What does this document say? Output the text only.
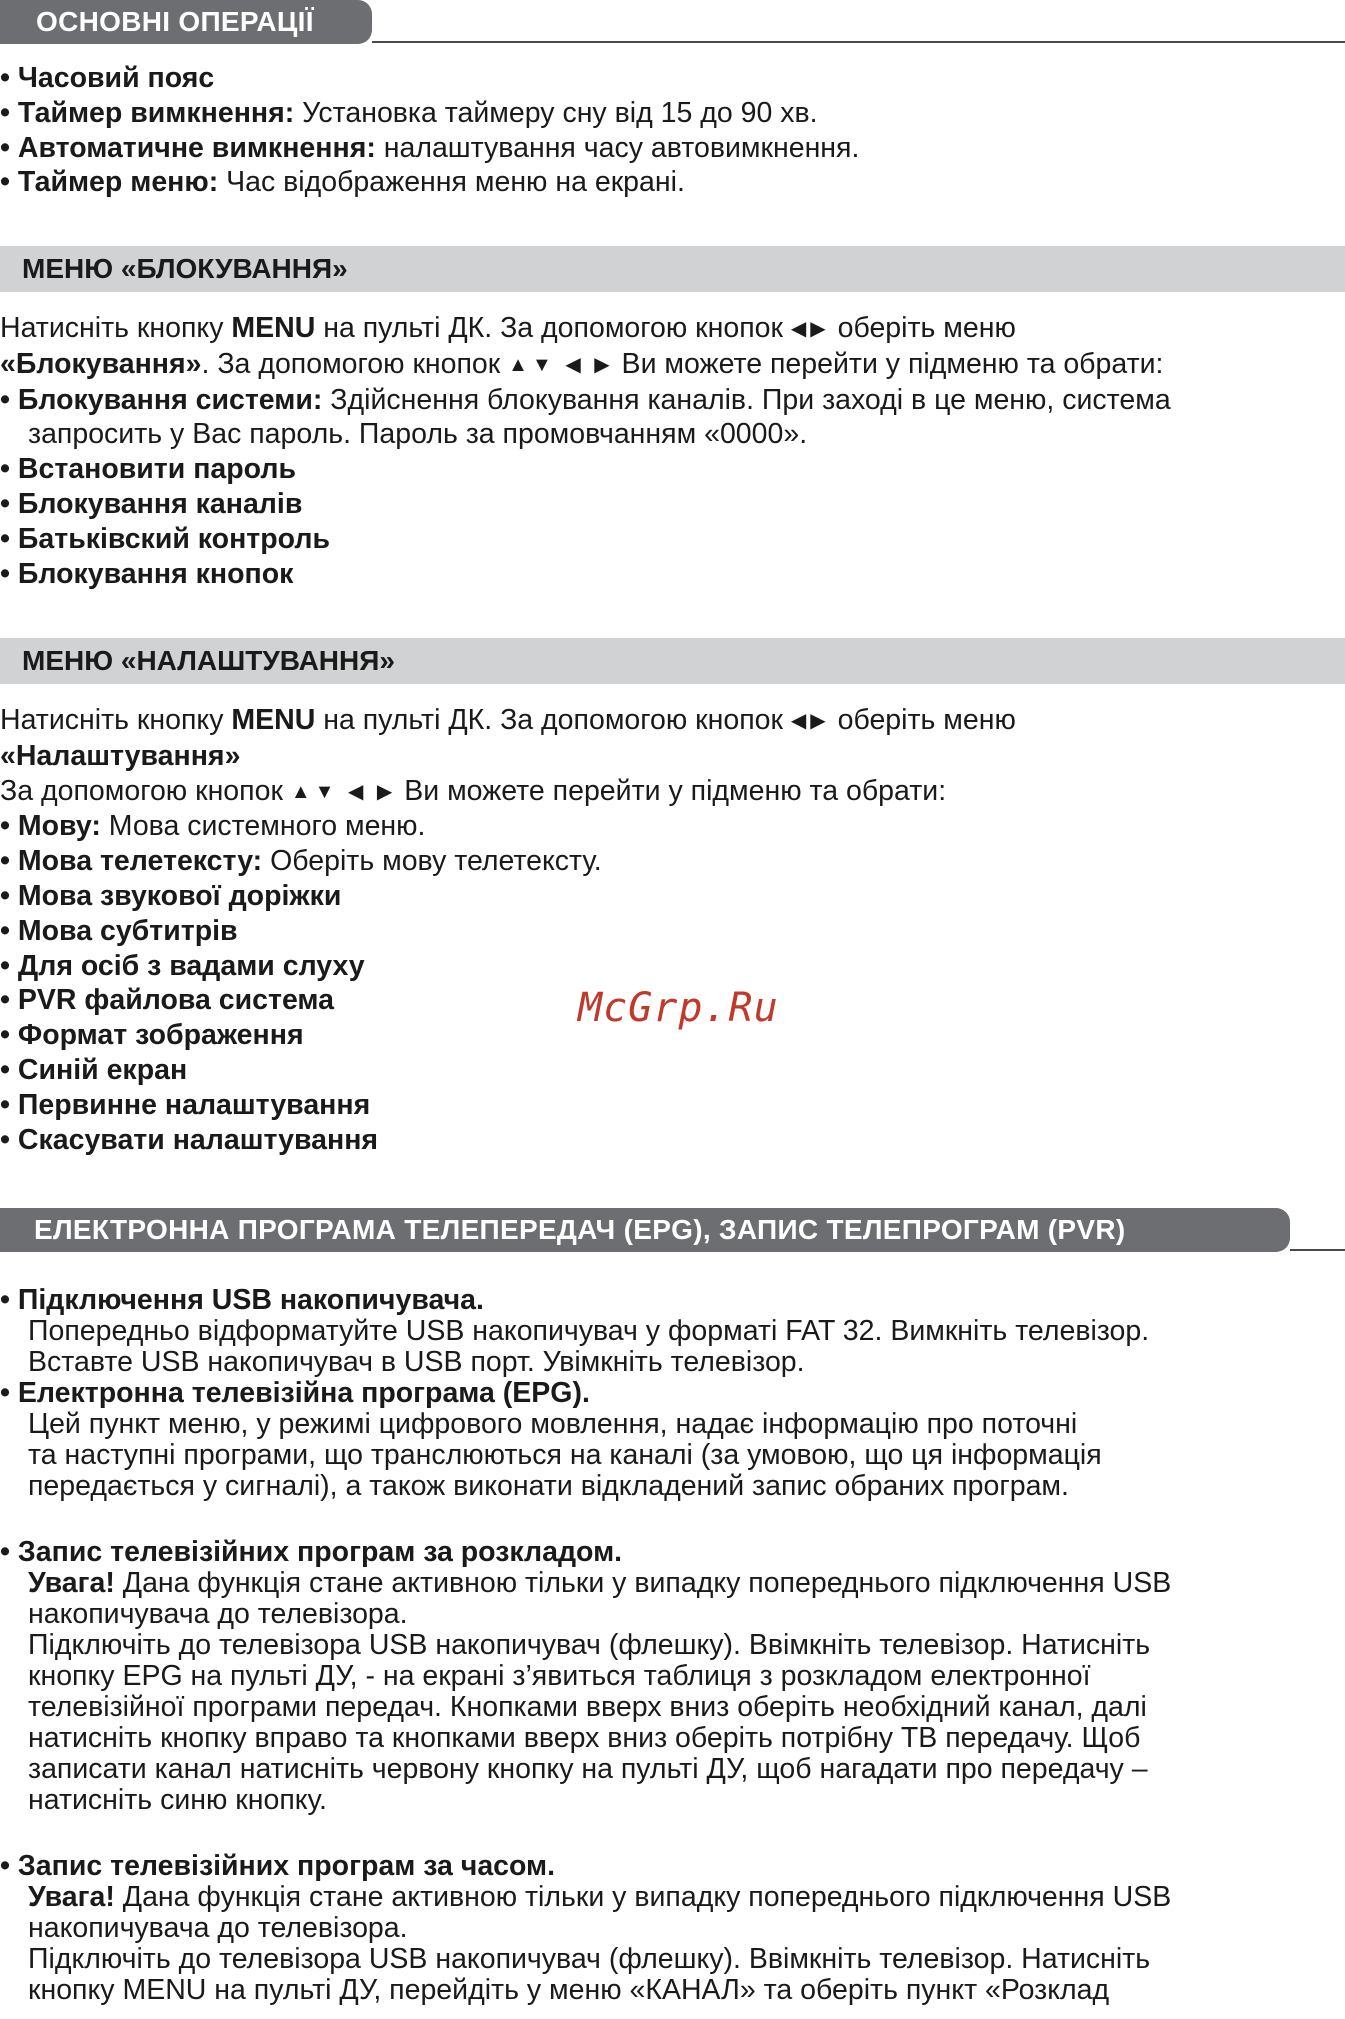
ОСНОВНІ ОПЕРАЦІЇ
• Часовий пояс
• Таймер вимкнення: Установка таймеру сну від 15 до 90 хв.
• Автоматичне вимкнення: налаштування часу автовимкнення.
• Таймер меню: Час відображення меню на екрані.
МЕНЮ «БЛОКУВАННЯ»
Натисніть кнопку MENU на пульті ДК. За допомогою кнопок ◀▶ оберіть меню
«Блокування». За допомогою кнопок ▲▼ ◀ ▶ Ви можете перейти у підменю та обрати:
• Блокування системи: Здійснення блокування каналів. При заході в це меню, система
запросить у Вас пароль. Пароль за промовчанням «0000».
• Встановити пароль
• Блокування каналів
• Батьківский контроль
• Блокування кнопок
МЕНЮ «НАЛАШТУВАННЯ»
Натисніть кнопку MENU на пульті ДК. За допомогою кнопок ◀▶ оберіть меню
«Налаштування»
За допомогою кнопок ▲▼ ◀ ▶ Ви можете перейти у підменю та обрати:
• Мову: Мова системного меню.
• Мова телетексту: Оберіть мову телетексту.
• Мова звукової доріжки
• Мова субтитрів
• Для осіб з вадами слуху
• PVR файлова система
• Формат зображення
• Синій екран
• Первинне налаштування
• Скасувати налаштування
McGrp.Ru
ЕЛЕКТРОННА ПРОГРАМА ТЕЛЕПЕРЕДАЧ (EPG), ЗАПИС ТЕЛЕПРОГРАМ (PVR)
• Підключення USB накопичувача.
Попередньо відформатуйте USB накопичувач у форматі FAT 32. Вимкніть телевізор.
Вставте USB накопичувач в USB порт. Увімкніть телевізор.
• Електронна телевізійна програма (EPG).
Цей пункт меню, у режимі цифрового мовлення, надає інформацію про поточні
та наступні програми, що транслюються на каналі (за умовою, що ця інформація
передається у сигналі), а також виконати відкладений запис обраних програм.
• Запис телевізійних програм за розкладом.
Увага! Дана функція стане активною тільки у випадку попереднього підключення USB
накопичувача до телевізора.
Підключіть до телевізора USB накопичувач (флешку). Ввімкніть телевізор. Натисніть
кнопку EPG на пульті ДУ, - на екрані з’явиться таблиця з розкладом електронної
телевізійної програми передач. Кнопками вверх вниз оберіть необхідний канал, далі
натисніть кнопку вправо та кнопками вверх вниз оберіть потрібну ТВ передачу. Щоб
записати канал натисніть червону кнопку на пульті ДУ, щоб нагадати про передачу –
натисніть синю кнопку.
• Запис телевізійних програм за часом.
Увага! Дана функція стане активною тільки у випадку попереднього підключення USB
накопичувача до телевізора.
Підключіть до телевізора USB накопичувач (флешку). Ввімкніть телевізор. Натисніть
кнопку MENU на пульті ДУ, перейдіть у меню «КАНАЛ» та оберіть пункт «Розклад
